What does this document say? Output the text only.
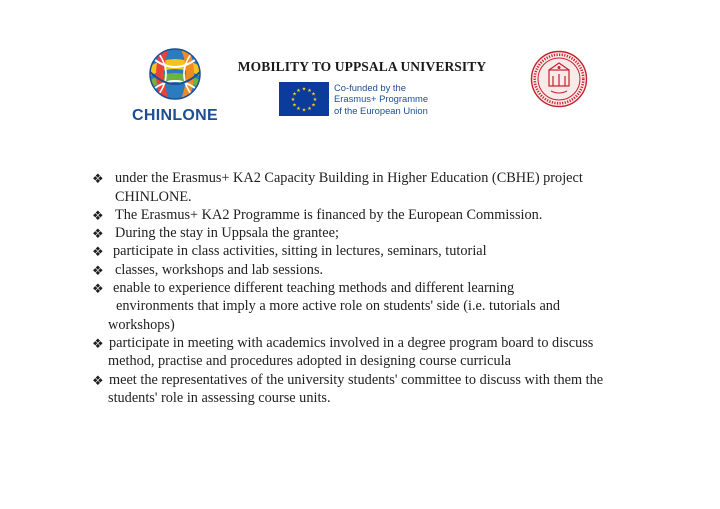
CHINLONE
MOBILITY TO UPPSALA UNIVERSITY
★ ★
★
★
★
★
★
★
★
★
★
★	Co-funded by the
Erasmus+ Programme
of the European Union
❖ under the Erasmus+ KA2 Capacity Building in Higher Education (CBHE) project
CHINLONE.
❖ The Erasmus+ KA2 Programme is financed by the European Commission.
❖ During the stay in Uppsala the grantee;
❖ participate in class activities, sitting in lectures, seminars, tutorial
❖ classes, workshops and lab sessions.
❖ enable to experience different teaching methods and different learning
environments that imply a more active role on students' side (i.e. tutorials and
workshops)
❖ participate in meeting with academics involved in a degree program board to discuss
method, practise and procedures adopted in designing course curricula
❖ meet the representatives of the university students' committee to discuss with them the
students' role in assessing course units.
